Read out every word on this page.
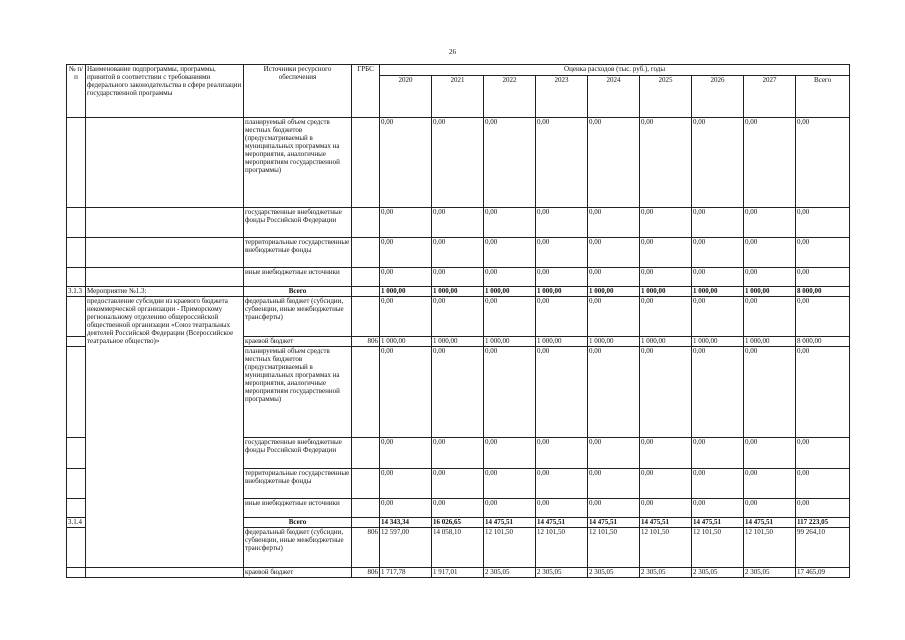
26
№ п/п	Наименование подпрограммы, программы, принятой в соответствии с требованиями федерального законодательства в сфере реализации государственной программы	Источники ресурсного обеспечения	ГРБС	Оценка расходов (тыс. руб.), годы								
				2020	2021	2022	2023	2024	2025	2026	2027	Всего
		планируемый объем средств местных бюджетов (предусматриваемый в муниципальных программах на мероприятия, аналогичные мероприятиям государственной программы)		0,00	0,00	0,00	0,00	0,00	0,00	0,00	0,00	0,00
		государственные внебюджетные фонды Российской Федерации		0,00	0,00	0,00	0,00	0,00	0,00	0,00	0,00	0,00
		территориальные государственные внебюджетные фонды		0,00	0,00	0,00	0,00	0,00	0,00	0,00	0,00	0,00
		иные внебюджетные источники		0,00	0,00	0,00	0,00	0,00	0,00	0,00	0,00	0,00
3.1.3	Мероприятие №1.3:	Всего		1 000,00	1 000,00	1 000,00	1 000,00	1 000,00	1 000,00	1 000,00	1 000,00	8 000,00
	предоставление субсидии из краевого бюджета некоммерческой организации - Приморскому региональному отделению общероссийской общественной организации «Союз театральных деятелей Российской Федерации (Всероссийское театральное общество)»	федеральный бюджет (субсидии, субвенции, иные межбюджетные трансферты)		0,00	0,00	0,00	0,00	0,00	0,00	0,00	0,00	0,00
		краевой бюджет	806	1 000,00	1 000,00	1 000,00	1 000,00	1 000,00	1 000,00	1 000,00	1 000,00	8 000,00
		планируемый объем средств местных бюджетов (предусматриваемый в муниципальных программах на мероприятия, аналогичные мероприятиям государственной программы)		0,00	0,00	0,00	0,00	0,00	0,00	0,00	0,00	0,00
		государственные внебюджетные фонды Российской Федерации		0,00	0,00	0,00	0,00	0,00	0,00	0,00	0,00	0,00
		территориальные государственные внебюджетные фонды		0,00	0,00	0,00	0,00	0,00	0,00	0,00	0,00	0,00
		иные внебюджетные источники		0,00	0,00	0,00	0,00	0,00	0,00	0,00	0,00	0,00
3.1.4		Всего		14 343,34	16 026,65	14 475,51	14 475,51	14 475,51	14 475,51	14 475,51	14 475,51	117 223,05
		федеральный бюджет (субсидии, субвенции, иные межбюджетные трансферты)	806	12 597,00	14 058,10	12 101,50	12 101,50	12 101,50	12 101,50	12 101,50	12 101,50	99 264,10
		краевой бюджет	806	1 717,78	1 917,01	2 305,05	2 305,05	2 305,05	2 305,05	2 305,05	2 305,05	17 465,09
